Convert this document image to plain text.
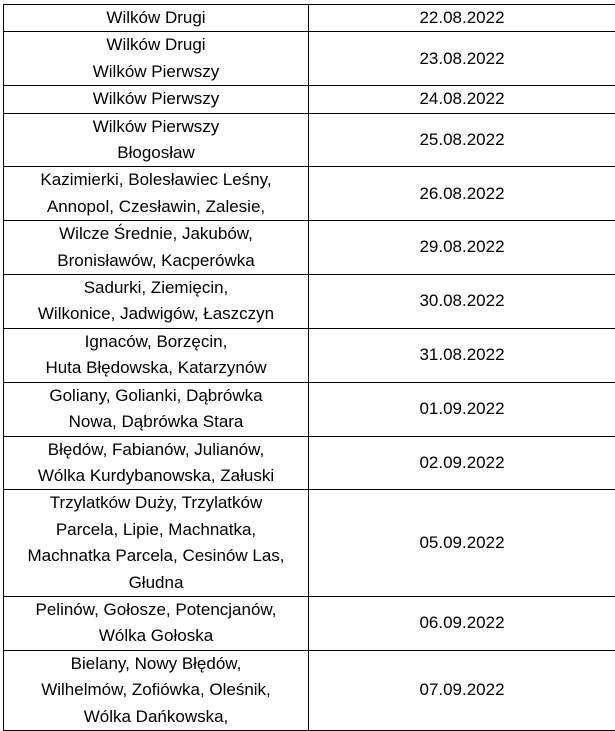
Wilków Drugi	22.08.2022

Wilków Drugi
Wilków Pierwszy	23.08.2022

Wilków Pierwszy	24.08.2022

Wilków Pierwszy
Błogosław	25.08.2022

Kazimierki, Bolesławiec Leśny,
Annopol, Czesławin, Zalesie,	26.08.2022

Wilcze Średnie, Jakubów,
Bronisławów, Kacperówka	29.08.2022

Sadurki, Ziemięcin,
Wilkonice, Jadwigów, Łaszczyn	30.08.2022

Ignaców, Borzęcin,
Huta Błędowska, Katarzynów	31.08.2022

Goliany, Golianki, Dąbrówka
Nowa, Dąbrówka Stara	01.09.2022

Błędów, Fabianów, Julianów,
Wólka Kurdybanowska, Załuski	02.09.2022

Trzylatków Duży, Trzylatków
Parcela, Lipie, Machnatka,
Machnatka Parcela, Cesinów Las,
Głudna	05.09.2022

Pelinów, Gołosze, Potencjanów,
Wólka Gołoska	06.09.2022

Bielany, Nowy Błędów,
Wilhelmów, Zofiówka, Oleśnik,
Wólka Dańkowska,	07.09.2022
